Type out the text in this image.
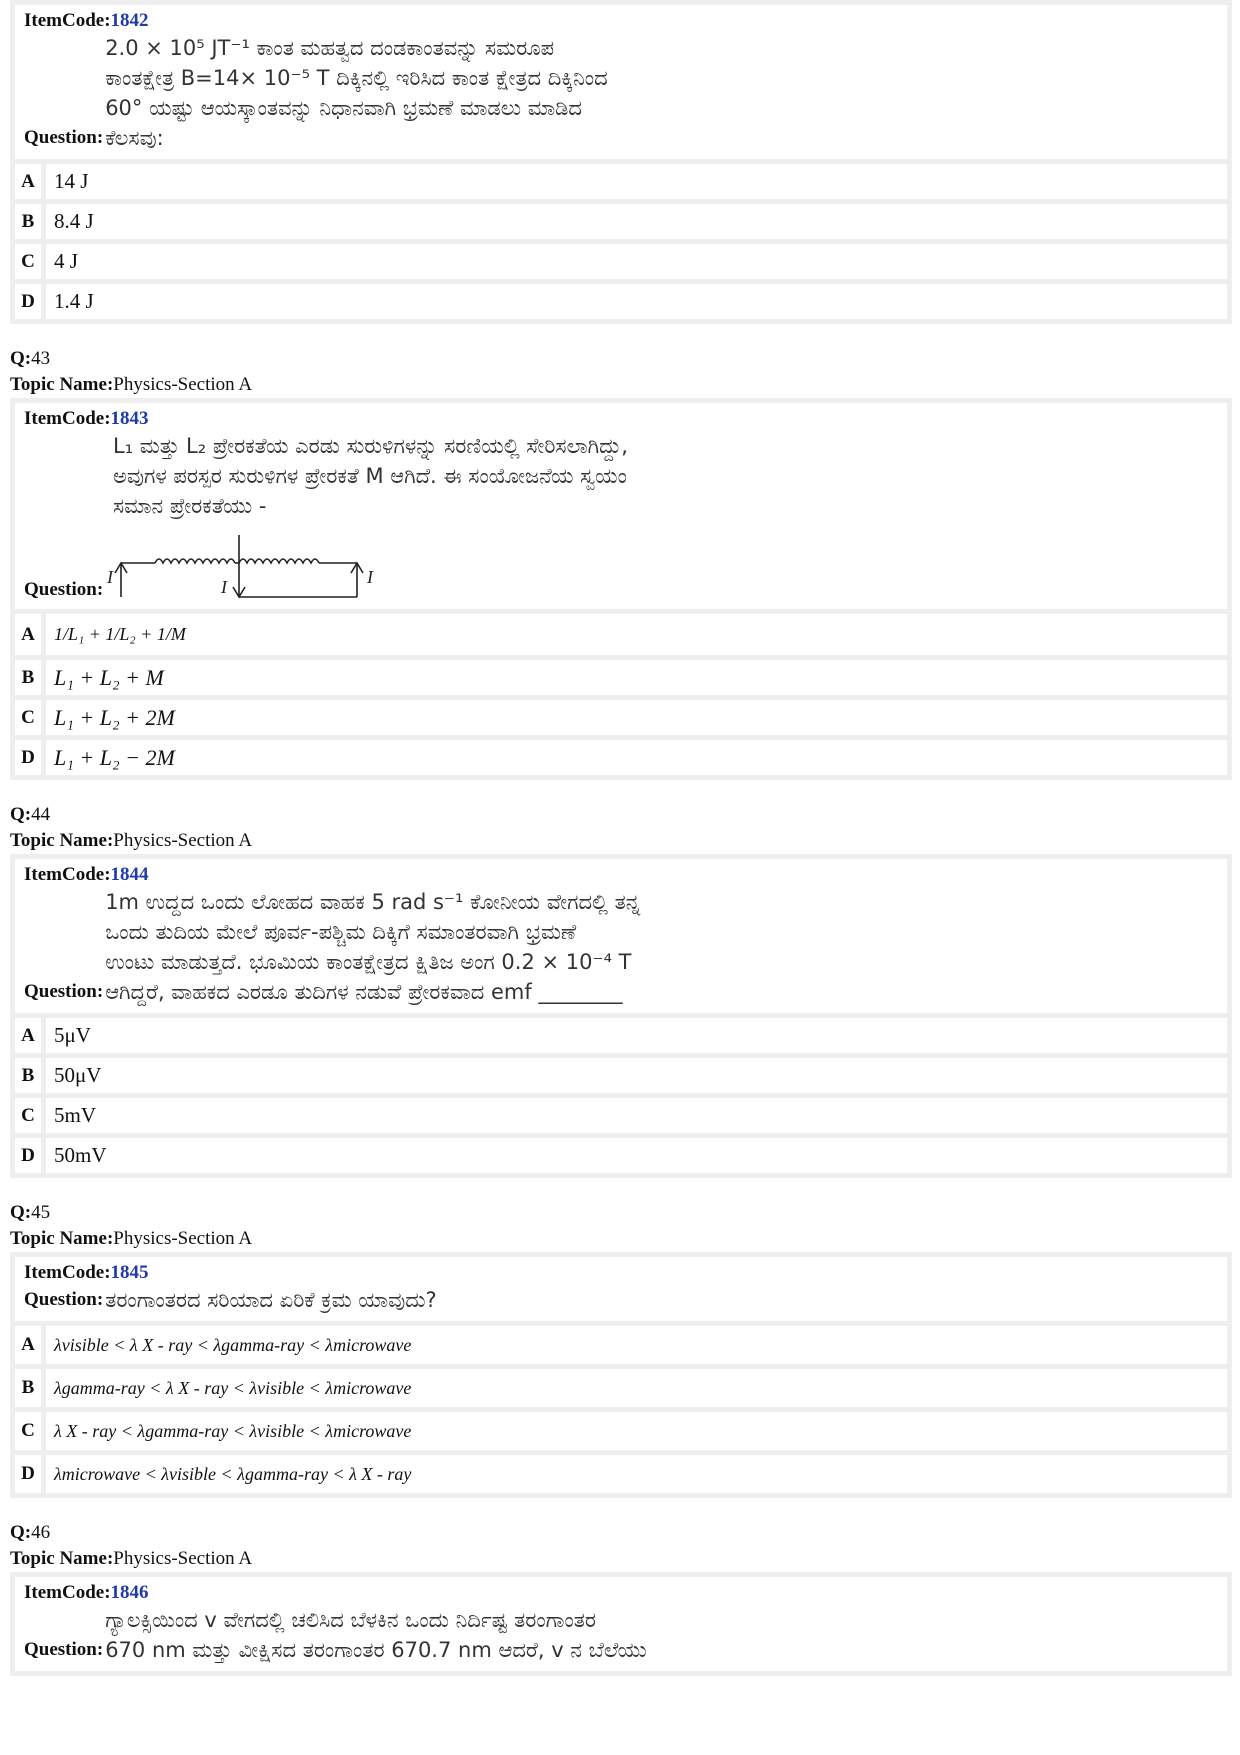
ItemCode:1842
Question:
2.0 × 10⁵ JT⁻¹ ಕಾಂತ ಮಹತ್ವದ ದಂಡಕಾಂತವನ್ನು ಸಮರೂಪ
ಕಾಂತಕ್ಷೇತ್ರ B=14× 10⁻⁵ T ದಿಕ್ಕಿನಲ್ಲಿ ಇರಿಸಿದ ಕಾಂತ ಕ್ಷೇತ್ರದ ದಿಕ್ಕಿನಿಂದ
60° ಯಷ್ಟು ಆಯಸ್ಕಾಂತವನ್ನು ನಿಧಾನವಾಗಿ ಭ್ರಮಣೆ ಮಾಡಲು ಮಾಡಿದ
ಕೆಲಸವು:
A 14 J
B 8.4 J
C 4 J
D 1.4 J
Q:43
Topic Name:Physics-Section A
ItemCode:1843
L₁ ಮತ್ತು L₂ ಪ್ರೇರಕತೆಯ ಎರಡು ಸುರುಳಿಗಳನ್ನು ಸರಣಿಯಲ್ಲಿ ಸೇರಿಸಲಾಗಿದ್ದು,
ಅವುಗಳ ಪರಸ್ಪರ ಸುರುಳಿಗಳ ಪ್ರೇರಕತೆ M ಆಗಿದೆ. ಈ ಸಂಯೋಜನೆಯ ಸ್ವಯಂ
ಸಮಾನ ಪ್ರೇರಕತೆಯು -
Question:
I	I	I
A	1/L₁ + 1/L₂ + 1/M
B L₁ + L₂ + M
C L₁ + L₂ + 2M
D L₁ + L₂ − 2M
Q:44
Topic Name:Physics-Section A
ItemCode:1844
Question:
1m ಉದ್ದದ ಒಂದು ಲೋಹದ ವಾಹಕ 5 rad s⁻¹ ಕೋನೀಯ ವೇಗದಲ್ಲಿ ತನ್ನ
ಒಂದು ತುದಿಯ ಮೇಲೆ ಪೂರ್ವ-ಪಶ್ಚಿಮ ದಿಕ್ಕಿಗೆ ಸಮಾಂತರವಾಗಿ ಭ್ರಮಣೆ
ಉಂಟು ಮಾಡುತ್ತದೆ. ಭೂಮಿಯ ಕಾಂತಕ್ಷೇತ್ರದ ಕ್ಷಿತಿಜ ಅಂಗ 0.2 × 10⁻⁴ T
ಆಗಿದ್ದರೆ, ವಾಹಕದ ಎರಡೂ ತುದಿಗಳ ನಡುವೆ ಪ್ರೇರಕವಾದ emf ________
A 5μV
B 50μV
C 5mV
D 50mV
Q:45
Topic Name:Physics-Section A
ItemCode:1845
Question: ತರಂಗಾಂತರದ ಸರಿಯಾದ ಏರಿಕೆ ಕ್ರಮ ಯಾವುದು?
A	λvisible < λ X - ray < λgamma-ray < λmicrowave
B	λgamma-ray < λ X - ray < λvisible < λmicrowave
C	λ X - ray < λgamma-ray < λvisible < λmicrowave
D	λmicrowave < λvisible < λgamma-ray < λ X - ray
Q:46
Topic Name:Physics-Section A
ItemCode:1846
Question:
ಗ್ಯಾಲಕ್ಸಿಯಿಂದ v ವೇಗದಲ್ಲಿ ಚಲಿಸಿದ ಬೆಳಕಿನ ಒಂದು ನಿರ್ದಿಷ್ಟ ತರಂಗಾಂತರ
670 nm ಮತ್ತು ವೀಕ್ಷಿಸದ ತರಂಗಾಂತರ 670.7 nm ಆದರೆ, v ನ ಬೆಲೆಯು
